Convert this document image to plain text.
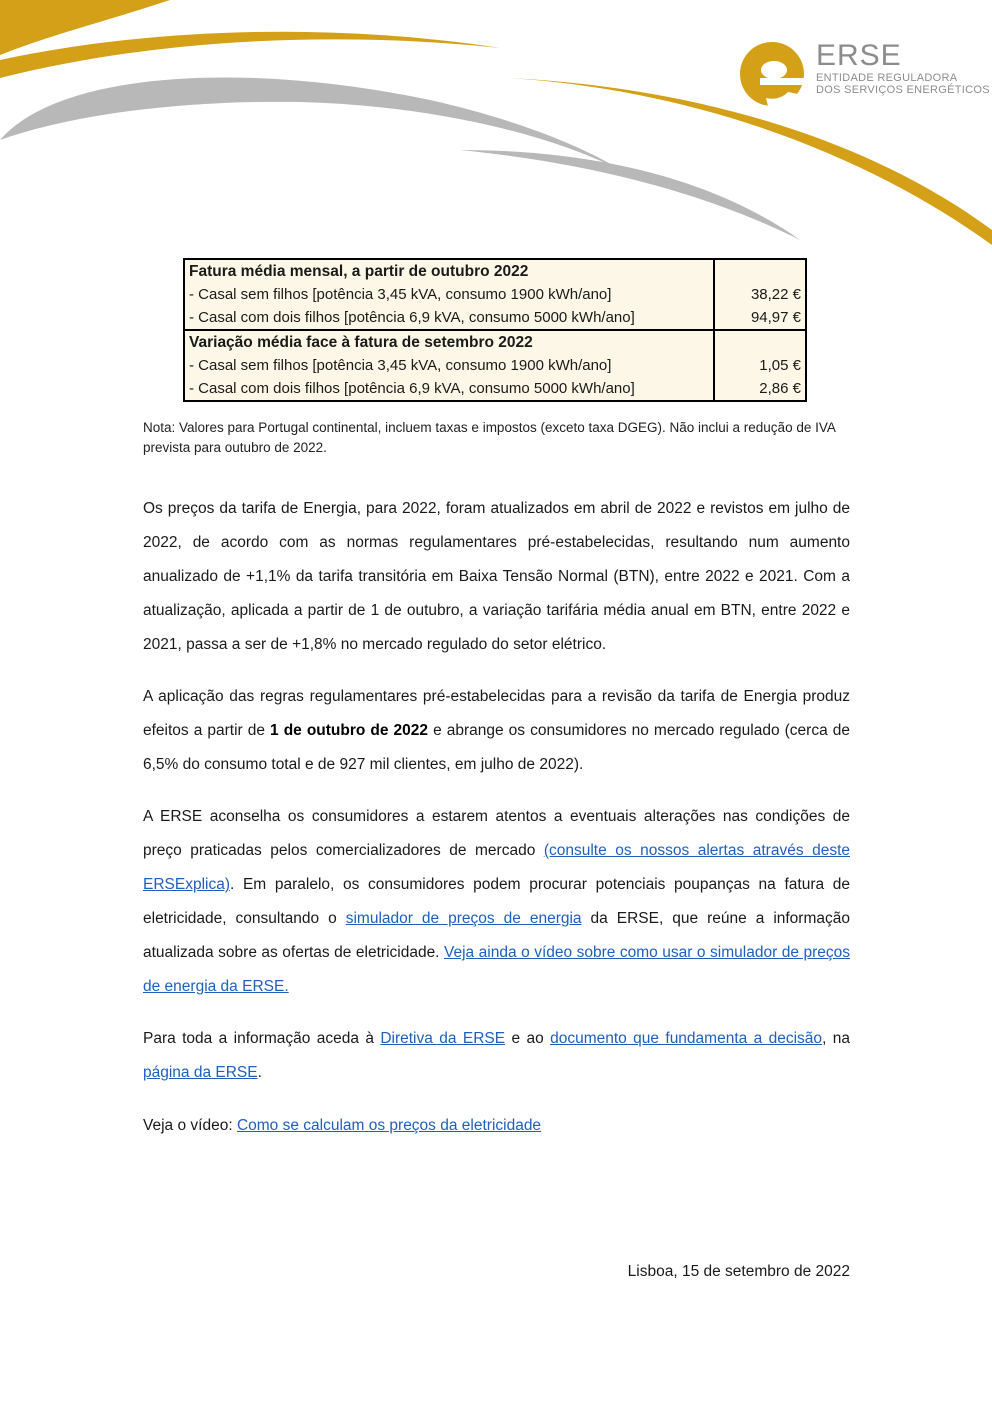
ERSE
ENTIDADE REGULADORA
DOS SERVIÇOS ENERGÉTICOS
Fatura média mensal, a partir de outubro 2022	
- Casal sem filhos [potência 3,45 kVA, consumo 1900 kWh/ano]	38,22 €
- Casal com dois filhos [potência 6,9 kVA, consumo 5000 kWh/ano]	94,97 €
Variação média face à fatura de setembro 2022	
- Casal sem filhos [potência 3,45 kVA, consumo 1900 kWh/ano]	1,05 €
- Casal com dois filhos [potência 6,9 kVA, consumo 5000 kWh/ano]	2,86 €
Nota: Valores para Portugal continental, incluem taxas e impostos (exceto taxa DGEG). Não inclui a redução de IVA prevista para outubro de 2022.

Os preços da tarifa de Energia, para 2022, foram atualizados em abril de 2022 e revistos em julho de 2022, de acordo com as normas regulamentares pré-estabelecidas, resultando num aumento anualizado de +1,1% da tarifa transitória em Baixa Tensão Normal (BTN), entre 2022 e 2021. Com a atualização, aplicada a partir de 1 de outubro, a variação tarifária média anual em BTN, entre 2022 e 2021, passa a ser de +1,8% no mercado regulado do setor elétrico.

A aplicação das regras regulamentares pré-estabelecidas para a revisão da tarifa de Energia produz efeitos a partir de 1 de outubro de 2022 e abrange os consumidores no mercado regulado (cerca de 6,5% do consumo total e de 927 mil clientes, em julho de 2022).

A ERSE aconselha os consumidores a estarem atentos a eventuais alterações nas condições de preço praticadas pelos comercializadores de mercado (consulte os nossos alertas através deste ERSExplica). Em paralelo, os consumidores podem procurar potenciais poupanças na fatura de eletricidade, consultando o simulador de preços de energia da ERSE, que reúne a informação atualizada sobre as ofertas de eletricidade. Veja ainda o vídeo sobre como usar o simulador de preços de energia da ERSE.

Para toda a informação aceda à Diretiva da ERSE e ao documento que fundamenta a decisão, na página da ERSE.

Veja o vídeo: Como se calculam os preços da eletricidade

Lisboa, 15 de setembro de 2022
